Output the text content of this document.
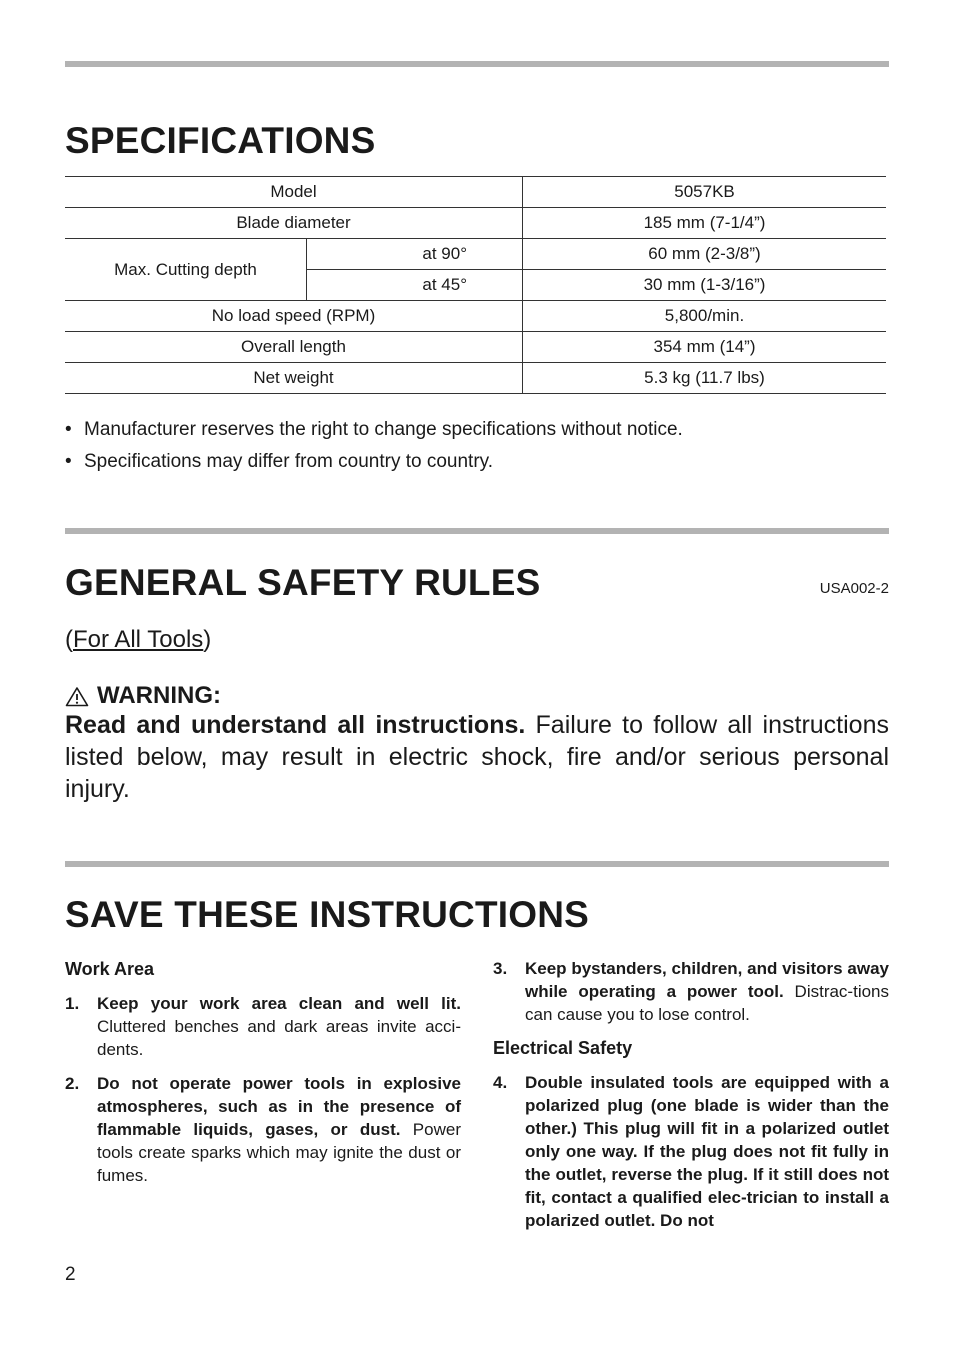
SPECIFICATIONS
Model		5057KB
Blade diameter		185 mm (7-1/4”)
Max. Cutting depth	at 90°	60 mm (2-3/8”)
	at 45°	30 mm (1-3/16”)
No load speed (RPM)		5,800/min.
Overall length		354 mm (14”)
Net weight		5.3 kg (11.7 lbs)
• Manufacturer reserves the right to change specifications without notice.
• Specifications may differ from country to country.
GENERAL SAFETY RULES	USA002-2
(For All Tools)
WARNING:

Read and understand all instructions. Failure to follow all instructions listed below, may result in electric shock, fire and/or serious personal injury.

SAVE THESE INSTRUCTIONS

Work Area

1.	Keep your work area clean and well lit. Cluttered benches and dark areas invite acci-dents.
2.	Do not operate power tools in explosive atmospheres, such as in the presence of flammable liquids, gases, or dust. Power tools create sparks which may ignite the dust or fumes.
3.	Keep bystanders, children, and visitors away while operating a power tool. Distrac-tions can cause you to lose control.

Electrical Safety

4.	Double insulated tools are equipped with a polarized plug (one blade is wider than the other.) This plug will fit in a polarized outlet only one way. If the plug does not fit fully in the outlet, reverse the plug. If it still does not fit, contact a qualified elec-trician to install a polarized outlet. Do not
2
